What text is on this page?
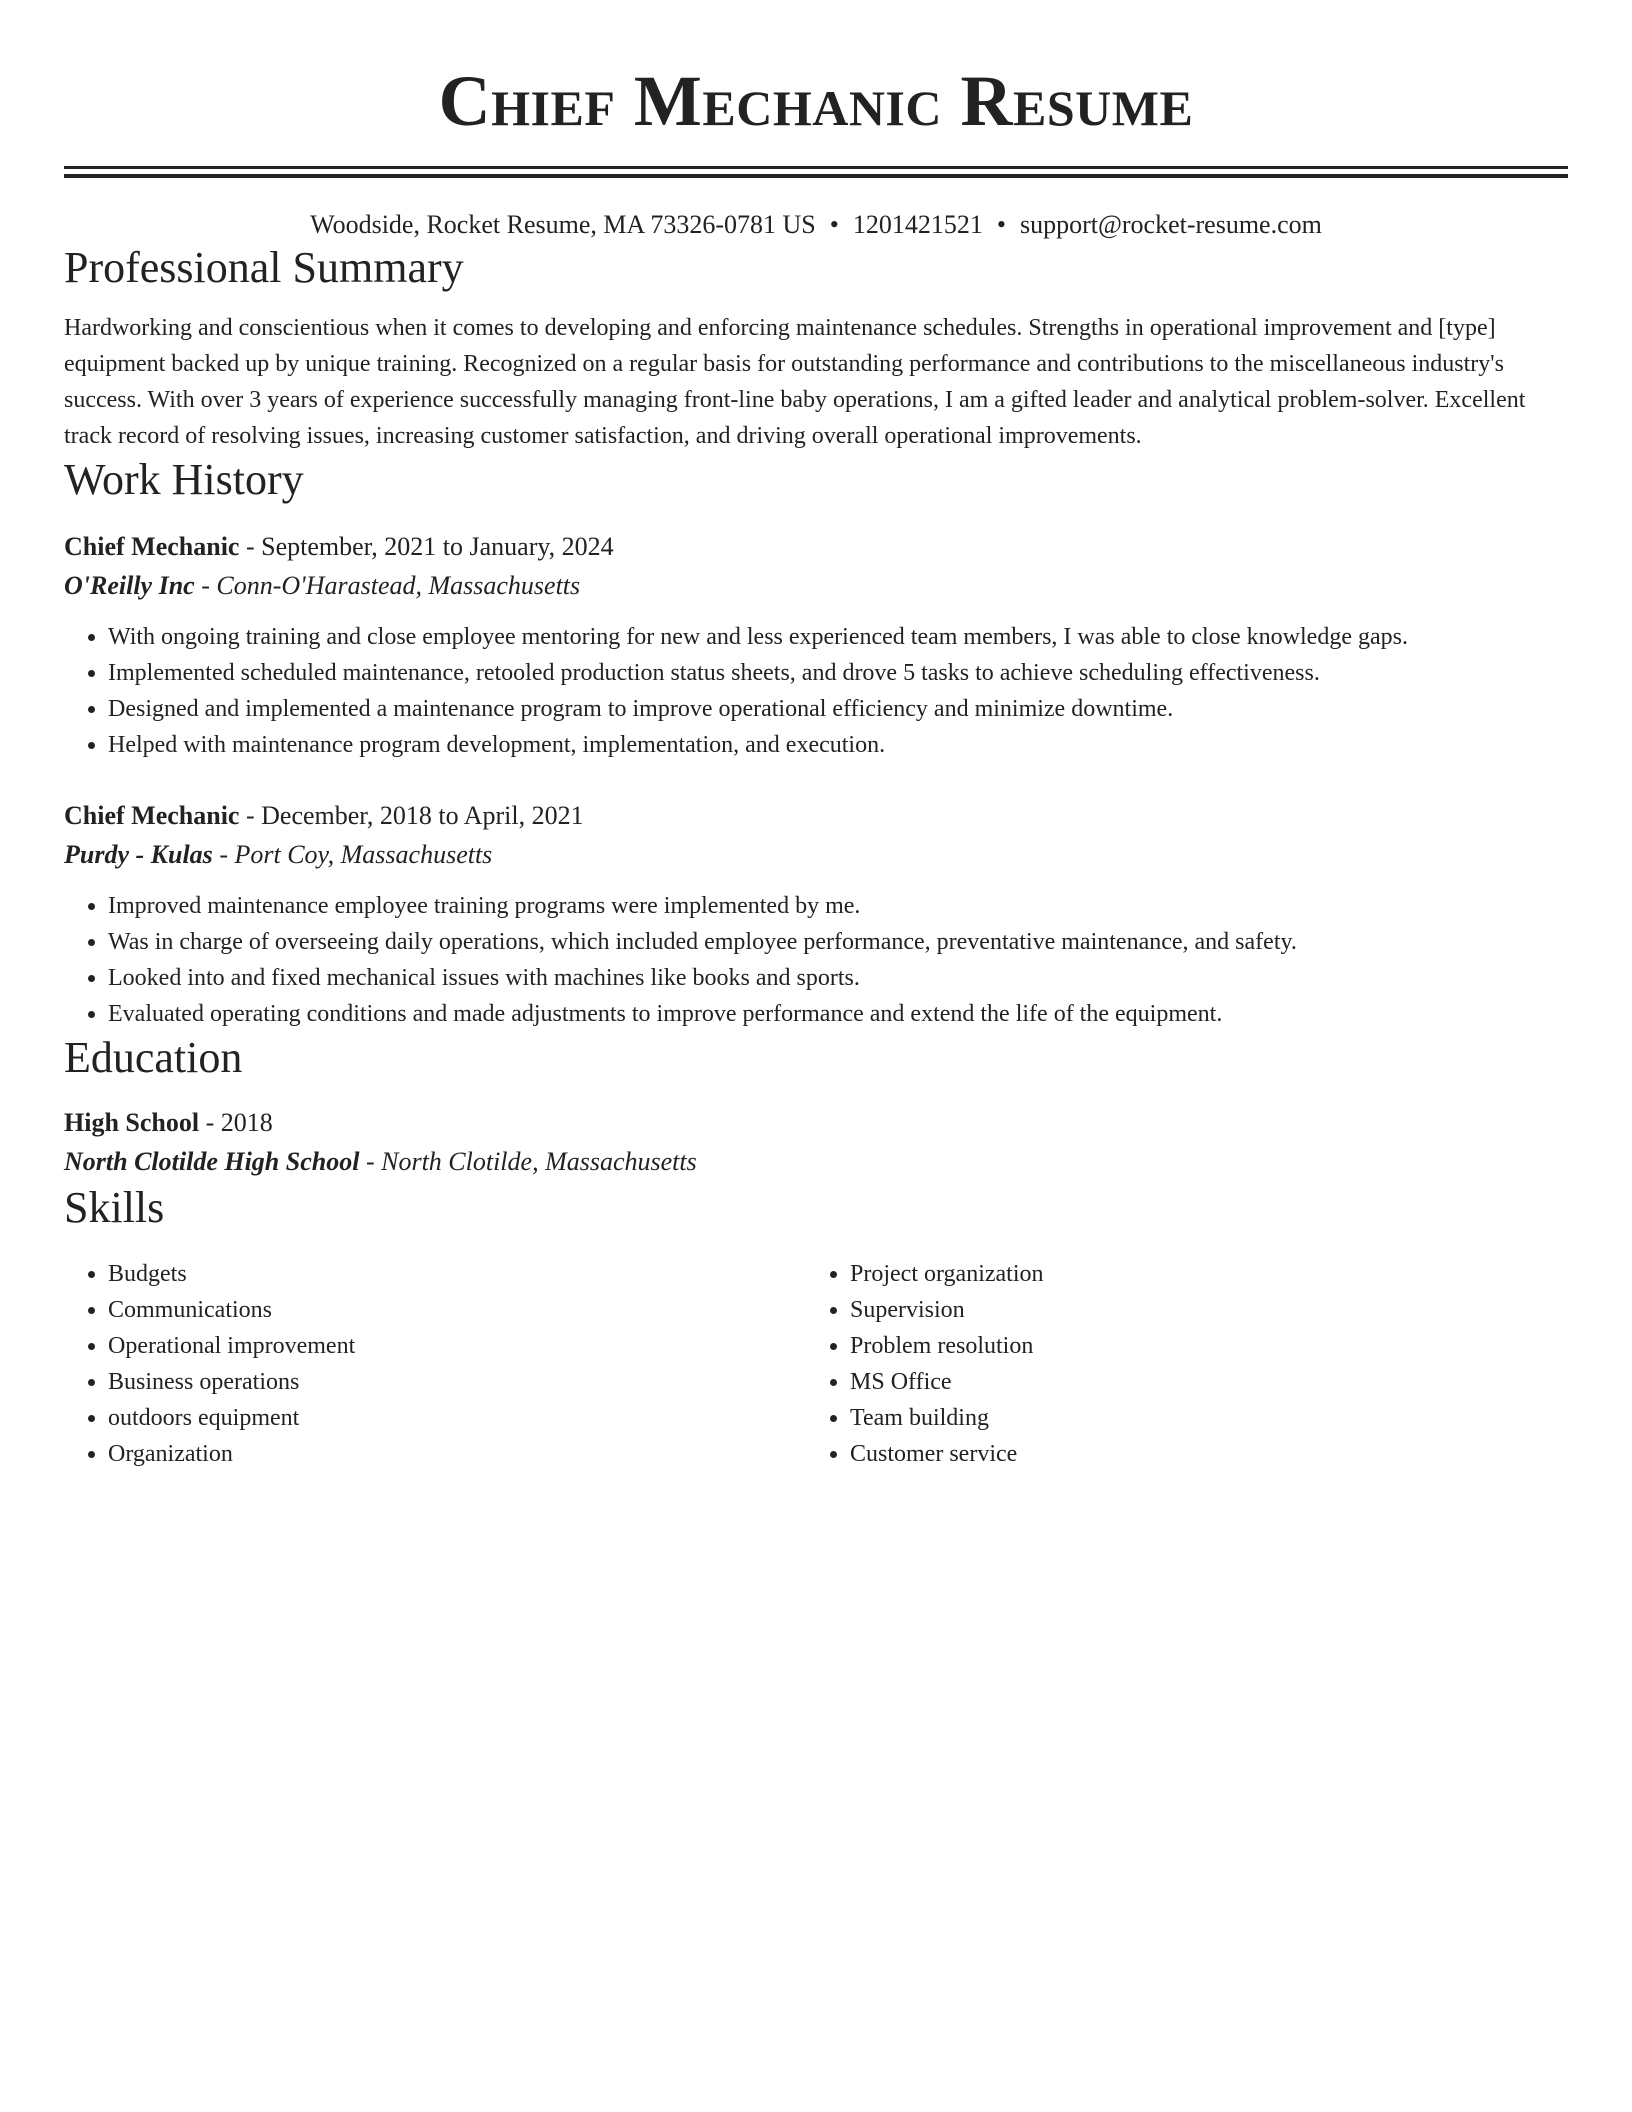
Chief Mechanic Resume
Woodside, Rocket Resume, MA 73326-0781 US • 1201421521 • support@rocket-resume.com
Professional Summary
Hardworking and conscientious when it comes to developing and enforcing maintenance schedules. Strengths in operational improvement and [type] equipment backed up by unique training. Recognized on a regular basis for outstanding performance and contributions to the miscellaneous industry's success. With over 3 years of experience successfully managing front-line baby operations, I am a gifted leader and analytical problem-solver. Excellent track record of resolving issues, increasing customer satisfaction, and driving overall operational improvements.
Work History
Chief Mechanic - September, 2021 to January, 2024
O'Reilly Inc - Conn-O'Harastead, Massachusetts
• With ongoing training and close employee mentoring for new and less experienced team members, I was able to close knowledge gaps.
• Implemented scheduled maintenance, retooled production status sheets, and drove 5 tasks to achieve scheduling effectiveness.
• Designed and implemented a maintenance program to improve operational efficiency and minimize downtime.
• Helped with maintenance program development, implementation, and execution.
Chief Mechanic - December, 2018 to April, 2021
Purdy - Kulas - Port Coy, Massachusetts
• Improved maintenance employee training programs were implemented by me.
• Was in charge of overseeing daily operations, which included employee performance, preventative maintenance, and safety.
• Looked into and fixed mechanical issues with machines like books and sports.
• Evaluated operating conditions and made adjustments to improve performance and extend the life of the equipment.
Education
High School - 2018
North Clotilde High School - North Clotilde, Massachusetts
Skills
• Budgets
• Communications
• Operational improvement
• Business operations
• outdoors equipment
• Organization
• Project organization
• Supervision
• Problem resolution
• MS Office
• Team building
• Customer service
